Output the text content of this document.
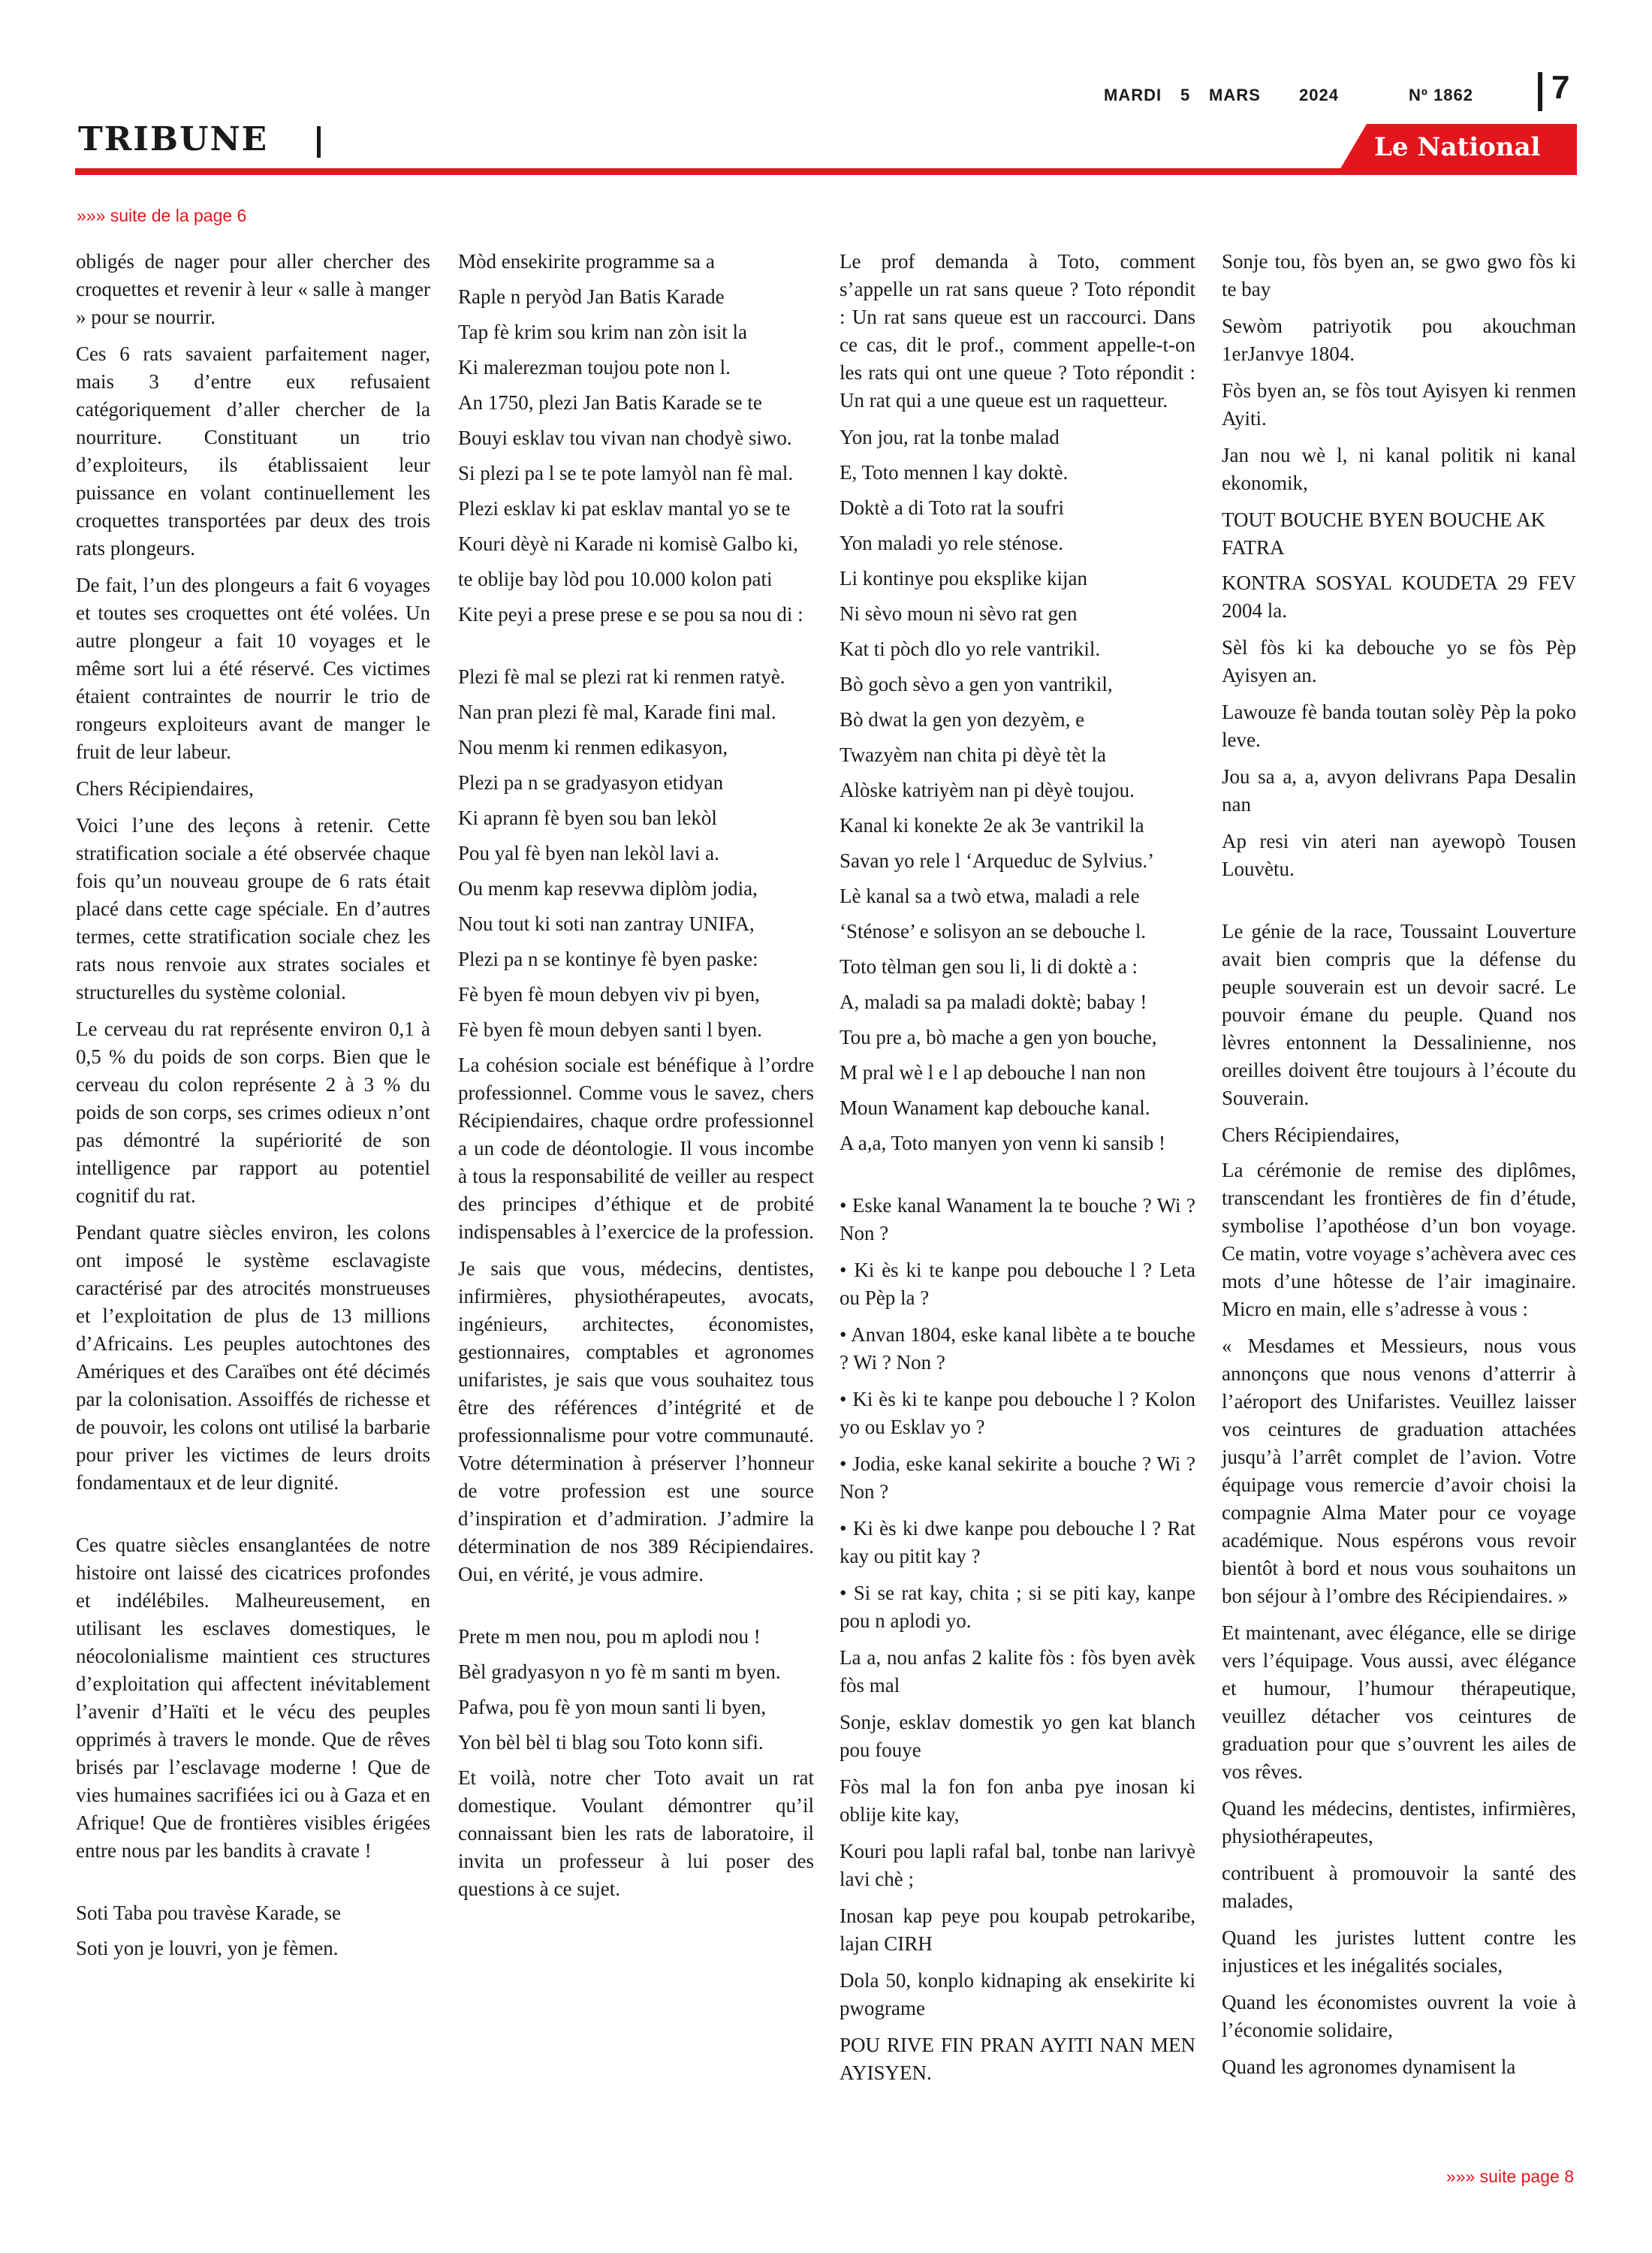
MARDI	5	MARS	2024	Nº 1862 7
TRIBUNE	Le National
»»» suite de la page 6

obligés de nager pour aller chercher des croquettes et revenir à leur « salle à manger » pour se nourrir.

Ces 6 rats savaient parfaitement nager, mais 3 d’entre eux refusaient catégoriquement d’aller chercher de la nourriture. Constituant un trio d’exploiteurs, ils établissaient leur puissance en volant continuellement les croquettes transportées par deux des trois rats plongeurs.

De fait, l’un des plongeurs a fait 6 voyages et toutes ses croquettes ont été volées. Un autre plongeur a fait 10 voyages et le même sort lui a été réservé. Ces victimes étaient contraintes de nourrir le trio de rongeurs exploiteurs avant de manger le fruit de leur labeur.

Chers Récipiendaires,

Voici l’une des leçons à retenir. Cette stratification sociale a été observée chaque fois qu’un nouveau groupe de 6 rats était placé dans cette cage spéciale. En d’autres termes, cette stratification sociale chez les rats nous renvoie aux strates sociales et structurelles du système colonial.

Le cerveau du rat représente environ 0,1 à 0,5 % du poids de son corps. Bien que le cerveau du colon représente 2 à 3 % du poids de son corps, ses crimes odieux n’ont pas démontré la supériorité de son intelligence par rapport au potentiel cognitif du rat.

Pendant quatre siècles environ, les colons ont imposé le système esclavagiste caractérisé par des atrocités monstrueuses et l’exploitation de plus de 13 millions d’Africains. Les peuples autochtones des Amériques et des Caraïbes ont été décimés par la colonisation. Assoiffés de richesse et de pouvoir, les colons ont utilisé la barbarie pour priver les victimes de leurs droits fondamentaux et de leur dignité.

Ces quatre siècles ensanglantées de notre histoire ont laissé des cicatrices profondes et indélébiles. Malheureusement, en utilisant les esclaves domestiques, le néocolonialisme maintient ces structures d’exploitation qui affectent inévitablement l’avenir d’Haïti et le vécu des peuples opprimés à travers le monde. Que de rêves brisés par l’esclavage moderne ! Que de vies humaines sacrifiées ici ou à Gaza et en Afrique! Que de frontières visibles érigées entre nous par les bandits à cravate !

Soti Taba pou travèse Karade, se

Soti yon je louvri, yon je fèmen.

Mòd ensekirite programme sa a

Raple n peryòd Jan Batis Karade

Tap fè krim sou krim nan zòn isit la

Ki malerezman toujou pote non l.

An 1750, plezi Jan Batis Karade se te

Bouyi esklav tou vivan nan chodyè siwo.

Si plezi pa l se te pote lamyòl nan fè mal.

Plezi esklav ki pat esklav mantal yo se te

Kouri dèyè ni Karade ni komisè Galbo ki,

te oblije bay lòd pou 10.000 kolon pati

Kite peyi a prese prese e se pou sa nou di :

Plezi fè mal se plezi rat ki renmen ratyè.

Nan pran plezi fè mal, Karade fini mal.

Nou menm ki renmen edikasyon,

Plezi pa n se gradyasyon etidyan

Ki aprann fè byen sou ban lekòl

Pou yal fè byen nan lekòl lavi a.

Ou menm kap resevwa diplòm jodia,

Nou tout ki soti nan zantray UNIFA,

Plezi pa n se kontinye fè byen paske:

Fè byen fè moun debyen viv pi byen,

Fè byen fè moun debyen santi l byen.

La cohésion sociale est bénéfique à l’ordre professionnel. Comme vous le savez, chers Récipiendaires, chaque ordre professionnel a un code de déontologie. Il vous incombe à tous la responsabilité de veiller au respect des principes d’éthique et de probité indispensables à l’exercice de la profession.

Je sais que vous, médecins, dentistes, infirmières, physiothérapeutes, avocats, ingénieurs, architectes, économistes, gestionnaires, comptables et agronomes unifaristes, je sais que vous souhaitez tous être des références d’intégrité et de professionnalisme pour votre communauté. Votre détermination à préserver l’honneur de votre profession est une source d’inspiration et d’admiration. J’admire la détermination de nos 389 Récipiendaires. Oui, en vérité, je vous admire.

Prete m men nou, pou m aplodi nou !

Bèl gradyasyon n yo fè m santi m byen.

Pafwa, pou fè yon moun santi li byen,

Yon bèl bèl ti blag sou Toto konn sifi.

Et voilà, notre cher Toto avait un rat domestique. Voulant démontrer qu’il connaissant bien les rats de laboratoire, il invita un professeur à lui poser des questions à ce sujet.

Le prof demanda à Toto, comment s’appelle un rat sans queue ? Toto répondit : Un rat sans queue est un raccourci. Dans ce cas, dit le prof., comment appelle-t-on les rats qui ont une queue ? Toto répondit : Un rat qui a une queue est un raquetteur.

Yon jou, rat la tonbe malad

E, Toto mennen l kay doktè.

Doktè a di Toto rat la soufri

Yon maladi yo rele sténose.

Li kontinye pou eksplike kijan

Ni sèvo moun ni sèvo rat gen

Kat ti pòch dlo yo rele vantrikil.

Bò goch sèvo a gen yon vantrikil,

Bò dwat la gen yon dezyèm, e

Twazyèm nan chita pi dèyè tèt la

Alòske katriyèm nan pi dèyè toujou.

Kanal ki konekte 2e ak 3e vantrikil la

Savan yo rele l ‘Arqueduc de Sylvius.’

Lè kanal sa a twò etwa, maladi a rele

‘Sténose’ e solisyon an se debouche l.

Toto tèlman gen sou li, li di doktè a :

A, maladi sa pa maladi doktè; babay !

Tou pre a, bò mache a gen yon bouche,

M pral wè l e l ap debouche l nan non

Moun Wanament kap debouche kanal.

A a,a, Toto manyen yon venn ki sansib !

• Eske kanal Wanament la te bouche ? Wi ? Non ?

• Ki ès ki te kanpe pou debouche l ? Leta ou Pèp la ?

• Anvan 1804, eske kanal libète a te bouche ? Wi ? Non ?

• Ki ès ki te kanpe pou debouche l ? Kolon yo ou Esklav yo ?

• Jodia, eske kanal sekirite a bouche ? Wi ? Non ?

• Ki ès ki dwe kanpe pou debouche l ? Rat kay ou pitit kay ?

• Si se rat kay, chita ; si se piti kay, kanpe pou n aplodi yo.

La a, nou anfas 2 kalite fòs : fòs byen avèk fòs mal

Sonje, esklav domestik yo gen kat blanch pou fouye

Fòs mal la fon fon anba pye inosan ki oblije kite kay,

Kouri pou lapli rafal bal, tonbe nan larivyè lavi chè ;

Inosan kap peye pou koupab petrokaribe, lajan CIRH

Dola 50, konplo kidnaping ak ensekirite ki pwograme

POU RIVE FIN PRAN AYITI NAN MEN AYISYEN.

Sonje tou, fòs byen an, se gwo gwo fòs ki te bay

Sewòm patriyotik pou akouchman 1erJanvye 1804.

Fòs byen an, se fòs tout Ayisyen ki renmen Ayiti.

Jan nou wè l, ni kanal politik ni kanal ekonomik,

TOUT BOUCHE BYEN BOUCHE AK FATRA

KONTRA SOSYAL KOUDETA 29 FEV 2004 la.

Sèl fòs ki ka debouche yo se fòs Pèp Ayisyen an.

Lawouze fè banda toutan solèy Pèp la poko leve.

Jou sa a, a, avyon delivrans Papa Desalin nan

Ap resi vin ateri nan ayewopò Tousen Louvètu.

Le génie de la race, Toussaint Louverture avait bien compris que la défense du peuple souverain est un devoir sacré. Le pouvoir émane du peuple. Quand nos lèvres entonnent la Dessalinienne, nos oreilles doivent être toujours à l’écoute du Souverain.

Chers Récipiendaires,

La cérémonie de remise des diplômes, transcendant les frontières de fin d’étude, symbolise l’apothéose d’un bon voyage. Ce matin, votre voyage s’achèvera avec ces mots d’une hôtesse de l’air imaginaire. Micro en main, elle s’adresse à vous :

« Mesdames et Messieurs, nous vous annonçons que nous venons d’atterrir à l’aéroport des Unifaristes. Veuillez laisser vos ceintures de graduation attachées jusqu’à l’arrêt complet de l’avion. Votre équipage vous remercie d’avoir choisi la compagnie Alma Mater pour ce voyage académique. Nous espérons vous revoir bientôt à bord et nous vous souhaitons un bon séjour à l’ombre des Récipiendaires. »

Et maintenant, avec élégance, elle se dirige vers l’équipage. Vous aussi, avec élégance et humour, l’humour thérapeutique, veuillez détacher vos ceintures de graduation pour que s’ouvrent les ailes de vos rêves.

Quand les médecins, dentistes, infirmières, physiothérapeutes,

contribuent à promouvoir la santé des malades,

Quand les juristes luttent contre les injustices et les inégalités sociales,

Quand les économistes ouvrent la voie à l’économie solidaire,

Quand les agronomes dynamisent la

»»» suite page 8
